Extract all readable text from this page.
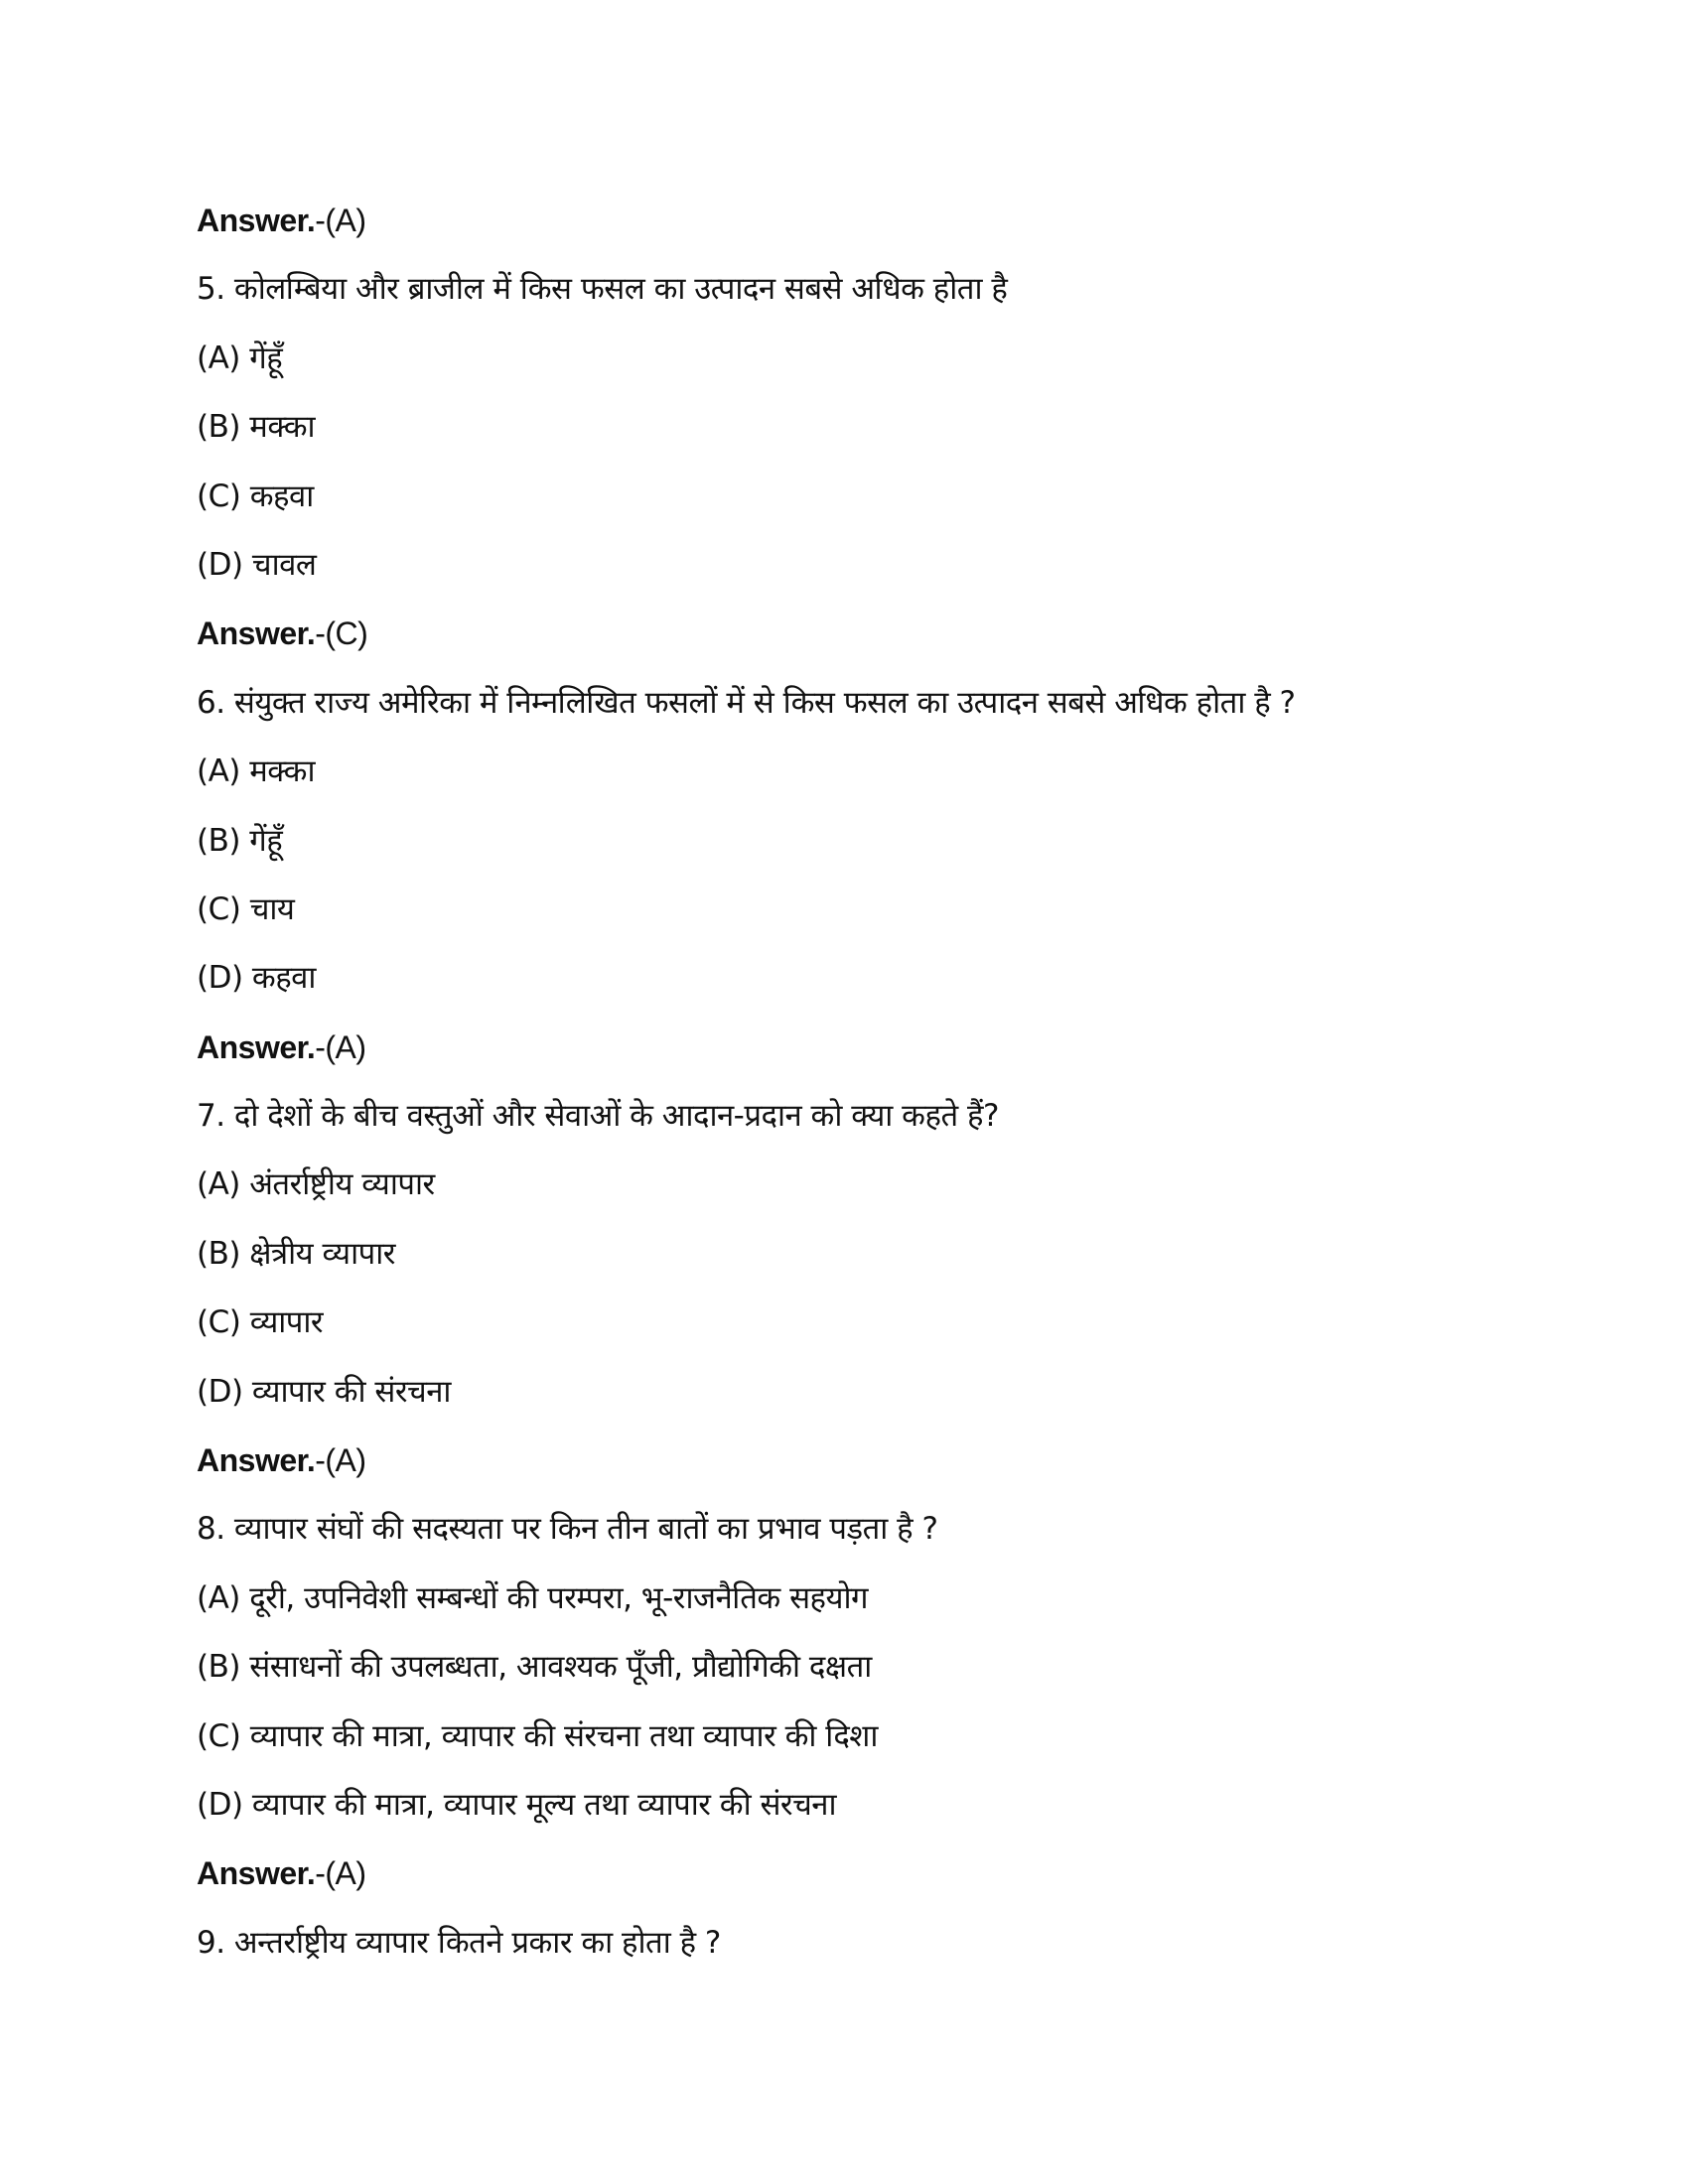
Answer.-(A)
5. कोलम्बिया और ब्राजील में किस फसल का उत्पादन सबसे अधिक होता है
(A) गेंहूँ
(B) मक्का
(C) कहवा
(D) चावल
Answer.-(C)
6. संयुक्त राज्य अमेरिका में निम्नलिखित फसलों में से किस फसल का उत्पादन सबसे अधिक होता है ?
(A) मक्का
(B) गेंहूँ
(C) चाय
(D) कहवा
Answer.-(A)
7. दो देशों के बीच वस्तुओं और सेवाओं के आदान-प्रदान को क्या कहते हैं?
(A) अंतर्राष्ट्रीय व्यापार
(B) क्षेत्रीय व्यापार
(C) व्यापार
(D) व्यापार की संरचना
Answer.-(A)
8. व्यापार संघों की सदस्यता पर किन तीन बातों का प्रभाव पड़ता है ?
(A) दूरी, उपनिवेशी सम्बन्धों की परम्परा, भू-राजनैतिक सहयोग
(B) संसाधनों की उपलब्धता, आवश्यक पूँजी, प्रौद्योगिकी दक्षता
(C) व्यापार की मात्रा, व्यापार की संरचना तथा व्यापार की दिशा
(D) व्यापार की मात्रा, व्यापार मूल्य तथा व्यापार की संरचना
Answer.-(A)
9. अन्तर्राष्ट्रीय व्यापार कितने प्रकार का होता है ?
